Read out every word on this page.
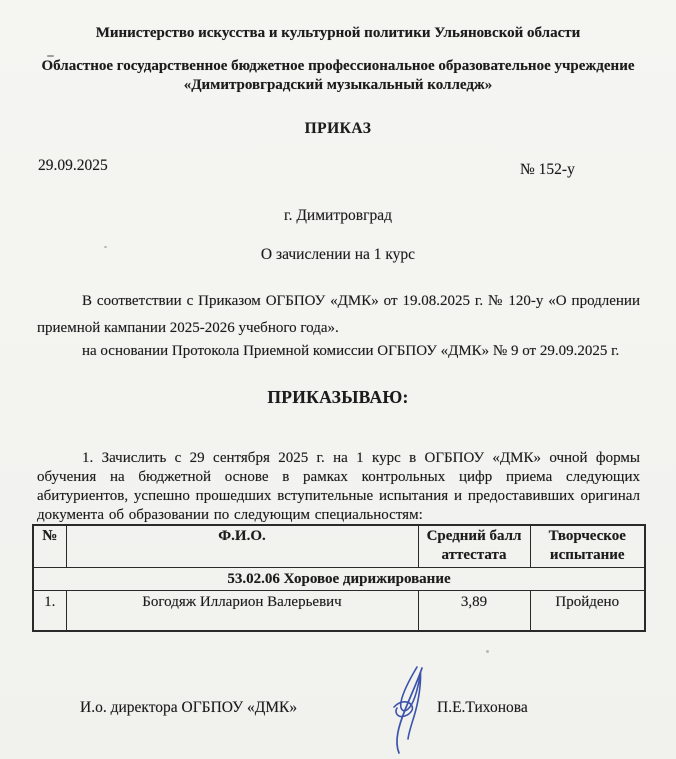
Министерство искусства и культурной политики Ульяновской области
Областное государственное бюджетное профессиональное образовательное учреждение
«Димитровградский музыкальный колледж»
ПРИКАЗ
29.09.2025	№ 152-у
г. Димитровград
О зачислении на 1 курс
В соответствии с Приказом ОГБПОУ «ДМК» от 19.08.2025 г. № 120-у «О продлении приемной кампании 2025-2026 учебного года».
на основании Протокола Приемной комиссии ОГБПОУ «ДМК» № 9 от 29.09.2025 г.
ПРИКАЗЫВАЮ:
1. Зачислить с 29 сентября 2025 г. на 1 курс в ОГБПОУ «ДМК» очной формы обучения на бюджетной основе в рамках контрольных цифр приема следующих абитуриентов, успешно прошедших вступительные испытания и предоставивших оригинал документа об образовании по следующим специальностям:
№	Ф.И.О.	Средний балл аттестата	Творческое испытание
53.02.06 Хоровое дирижирование			
1.	Богодяж Илларион Валерьевич	3,89	Пройдено
И.о. директора ОГБПОУ «ДМК»	П.Е.Тихонова
